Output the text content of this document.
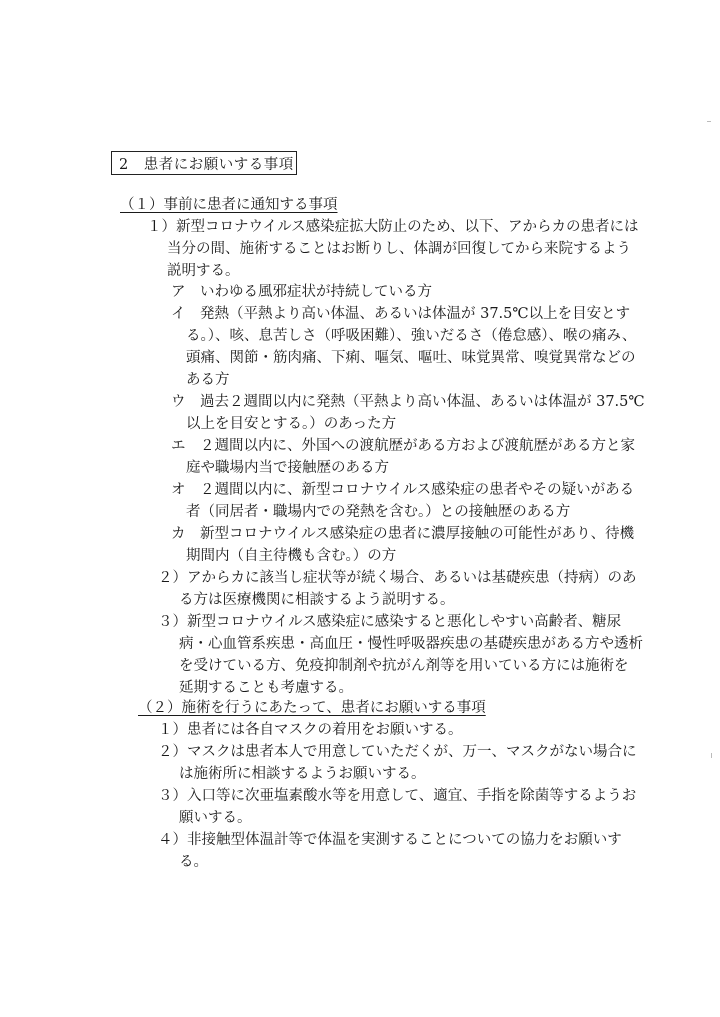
2　患者にお願いする事項
（１）事前に患者に通知する事項
１）新型コロナウイルス感染症拡大防止のため、以下、アからカの患者には
当分の間、施術することはお断りし、体調が回復してから来院するよう
説明する。
ア　いわゆる風邪症状が持続している方
イ　発熱（平熱より高い体温、あるいは体温が 37.5℃以上を目安とす
る。）、咳、息苦しさ（呼吸困難）、強いだるさ（倦怠感）、喉の痛み、
頭痛、関節・筋肉痛、下痢、嘔気、嘔吐、味覚異常、嗅覚異常などの
ある方
ウ　過去２週間以内に発熱（平熱より高い体温、あるいは体温が 37.5℃
以上を目安とする。）のあった方
エ　２週間以内に、外国への渡航歴がある方および渡航歴がある方と家
庭や職場内当で接触歴のある方
オ　２週間以内に、新型コロナウイルス感染症の患者やその疑いがある
者（同居者・職場内での発熱を含む。）との接触歴のある方
カ　新型コロナウイルス感染症の患者に濃厚接触の可能性があり、待機
期間内（自主待機も含む。）の方
２）アからカに該当し症状等が続く場合、あるいは基礎疾患（持病）のあ
る方は医療機関に相談するよう説明する。
３）新型コロナウイルス感染症に感染すると悪化しやすい高齢者、糖尿
病・心血管系疾患・高血圧・慢性呼吸器疾患の基礎疾患がある方や透析
を受けている方、免疫抑制剤や抗がん剤等を用いている方には施術を
延期することも考慮する。
（２）施術を行うにあたって、患者にお願いする事項
１）患者には各自マスクの着用をお願いする。
２）マスクは患者本人で用意していただくが、万一、マスクがない場合に
は施術所に相談するようお願いする。
３）入口等に次亜塩素酸水等を用意して、適宜、手指を除菌等するようお
願いする。
４）非接触型体温計等で体温を実測することについての協力をお願いす
る。
